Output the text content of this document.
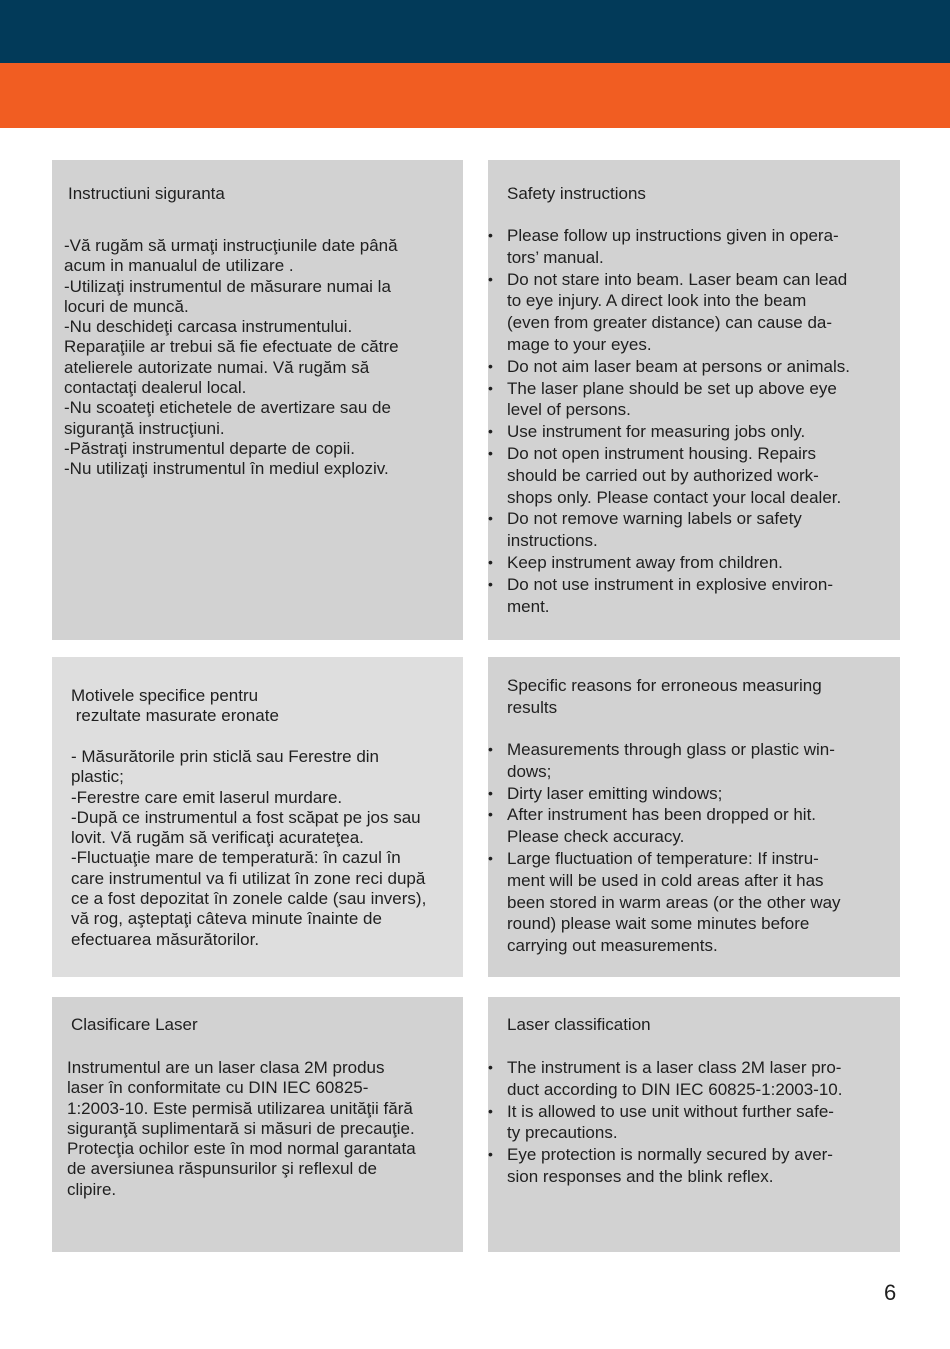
Instructiuni siguranta
-Vă rugăm să urmaţi instrucţiunile date până
acum in manualul de utilizare .
-Utilizaţi instrumentul de măsurare numai la
locuri de muncă.
-Nu deschideţi carcasa instrumentului.
Reparaţiile ar trebui să fie efectuate de către
atelierele autorizate numai. Vă rugăm să
contactaţi dealerul local.
-Nu scoateţi etichetele de avertizare sau de
siguranţă instrucţiuni.
-Păstraţi instrumentul departe de copii.
-Nu utilizaţi instrumentul în mediul exploziv.
Safety instructions
• Please follow up instructions given in opera-
tors’ manual.
• Do not stare into beam. Laser beam can lead
to eye injury. A direct look into the beam
(even from greater distance) can cause da-
mage to your eyes.
• Do not aim laser beam at persons or animals.
• The laser plane should be set up above eye
level of persons.
• Use instrument for measuring jobs only.
• Do not open instrument housing. Repairs
should be carried out by authorized work-
shops only. Please contact your local dealer.
• Do not remove warning labels or safety
instructions.
• Keep instrument away from children.
• Do not use instrument in explosive environ-
ment.
Motivele specifice pentru
rezultate masurate eronate
- Măsurătorile prin sticlă sau Ferestre din
plastic;
-Ferestre care emit laserul murdare.
-După ce instrumentul a fost scăpat pe jos sau
lovit. Vă rugăm să verificaţi acurateţea.
-Fluctuaţie mare de temperatură: în cazul în
care instrumentul va fi utilizat în zone reci după
ce a fost depozitat în zonele calde (sau invers),
vă rog, aşteptaţi câteva minute înainte de
efectuarea măsurătorilor.
Specific reasons for erroneous measuring
results
• Measurements through glass or plastic win-
dows;
• Dirty laser emitting windows;
• After instrument has been dropped or hit.
Please check accuracy.
• Large fluctuation of temperature: If instru-
ment will be used in cold areas after it has
been stored in warm areas (or the other way
round) please wait some minutes before
carrying out measurements.
Clasificare Laser
Instrumentul are un laser clasa 2M produs
laser în conformitate cu DIN IEC 60825-
1:2003-10. Este permisă utilizarea unităţii fără
siguranţă suplimentară si măsuri de precauţie.
Protecţia ochilor este în mod normal garantata
de aversiunea răspunsurilor şi reflexul de
clipire.
Laser classification
• The instrument is a laser class 2M laser pro-
duct according to DIN IEC 60825-1:2003-10.
• It is allowed to use unit without further safe-
ty precautions.
• Eye protection is normally secured by aver-
sion responses and the blink reflex.
6
